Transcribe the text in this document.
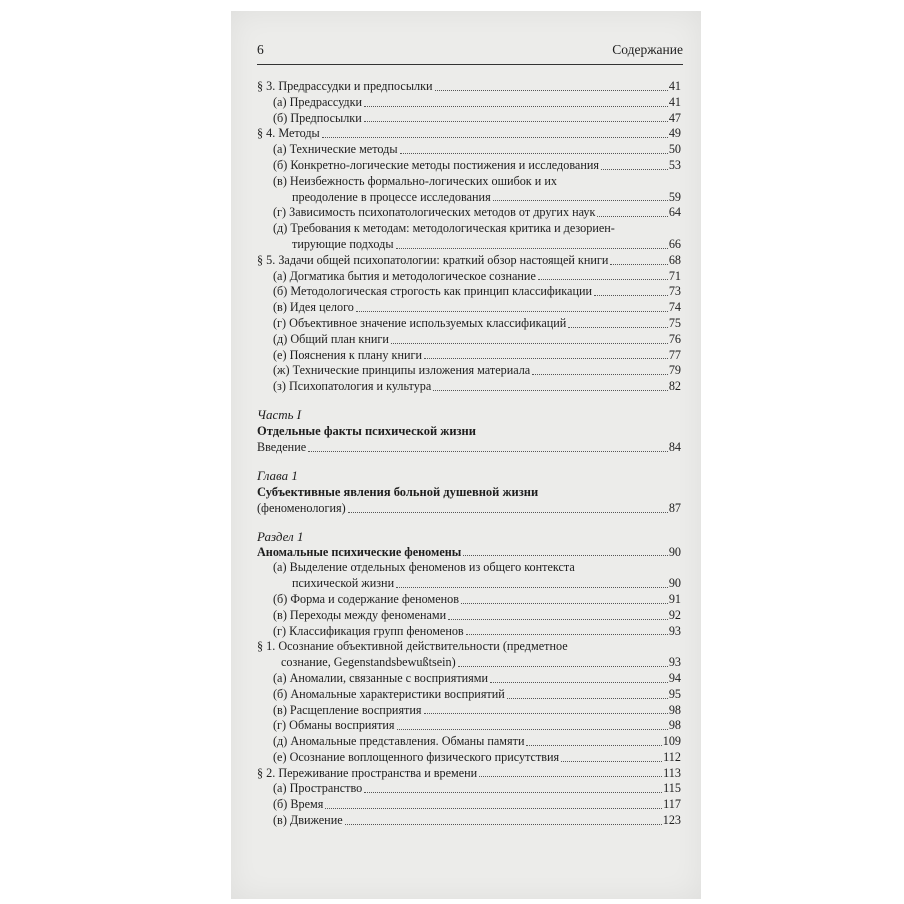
6	Содержание
§ 3. Предрассудки и предпосылки	41
(а) Предрассудки	41
(б) Предпосылки	47
§ 4. Методы	49
(а) Технические методы	50
(б) Конкретно-логические методы постижения и исследования	53
(в) Неизбежность формально-логических ошибок и их
преодоление в процессе исследования	59
(г) Зависимость психопатологических методов от других наук	64
(д) Требования к методам: методологическая критика и дезориен-
тирующие подходы	66
§ 5. Задачи общей психопатологии: краткий обзор настоящей книги	68
(а) Догматика бытия и методологическое сознание	71
(б) Методологическая строгость как принцип классификации	73
(в) Идея целого	74
(г) Объективное значение используемых классификаций	75
(д) Общий план книги	76
(е) Пояснения к плану книги	77
(ж) Технические принципы изложения материала	79
(з) Психопатология и культура	82
Часть I
Отдельные факты психической жизни
Введение	84
Глава 1
Субъективные явления больной душевной жизни
(феноменология)	87
Раздел 1
Аномальные психические феномены	90
(а) Выделение отдельных феноменов из общего контекста
психической жизни	90
(б) Форма и содержание феноменов	91
(в) Переходы между феноменами	92
(г) Классификация групп феноменов	93
§ 1. Осознание объективной действительности (предметное
сознание, Gegenstandsbewußtsein)	93
(а) Аномалии, связанные с восприятиями	94
(б) Аномальные характеристики восприятий	95
(в) Расщепление восприятия	98
(г) Обманы восприятия	98
(д) Аномальные представления. Обманы памяти	109
(е) Осознание воплощенного физического присутствия	112
§ 2. Переживание пространства и времени	113
(а) Пространство	115
(б) Время	117
(в) Движение	123
